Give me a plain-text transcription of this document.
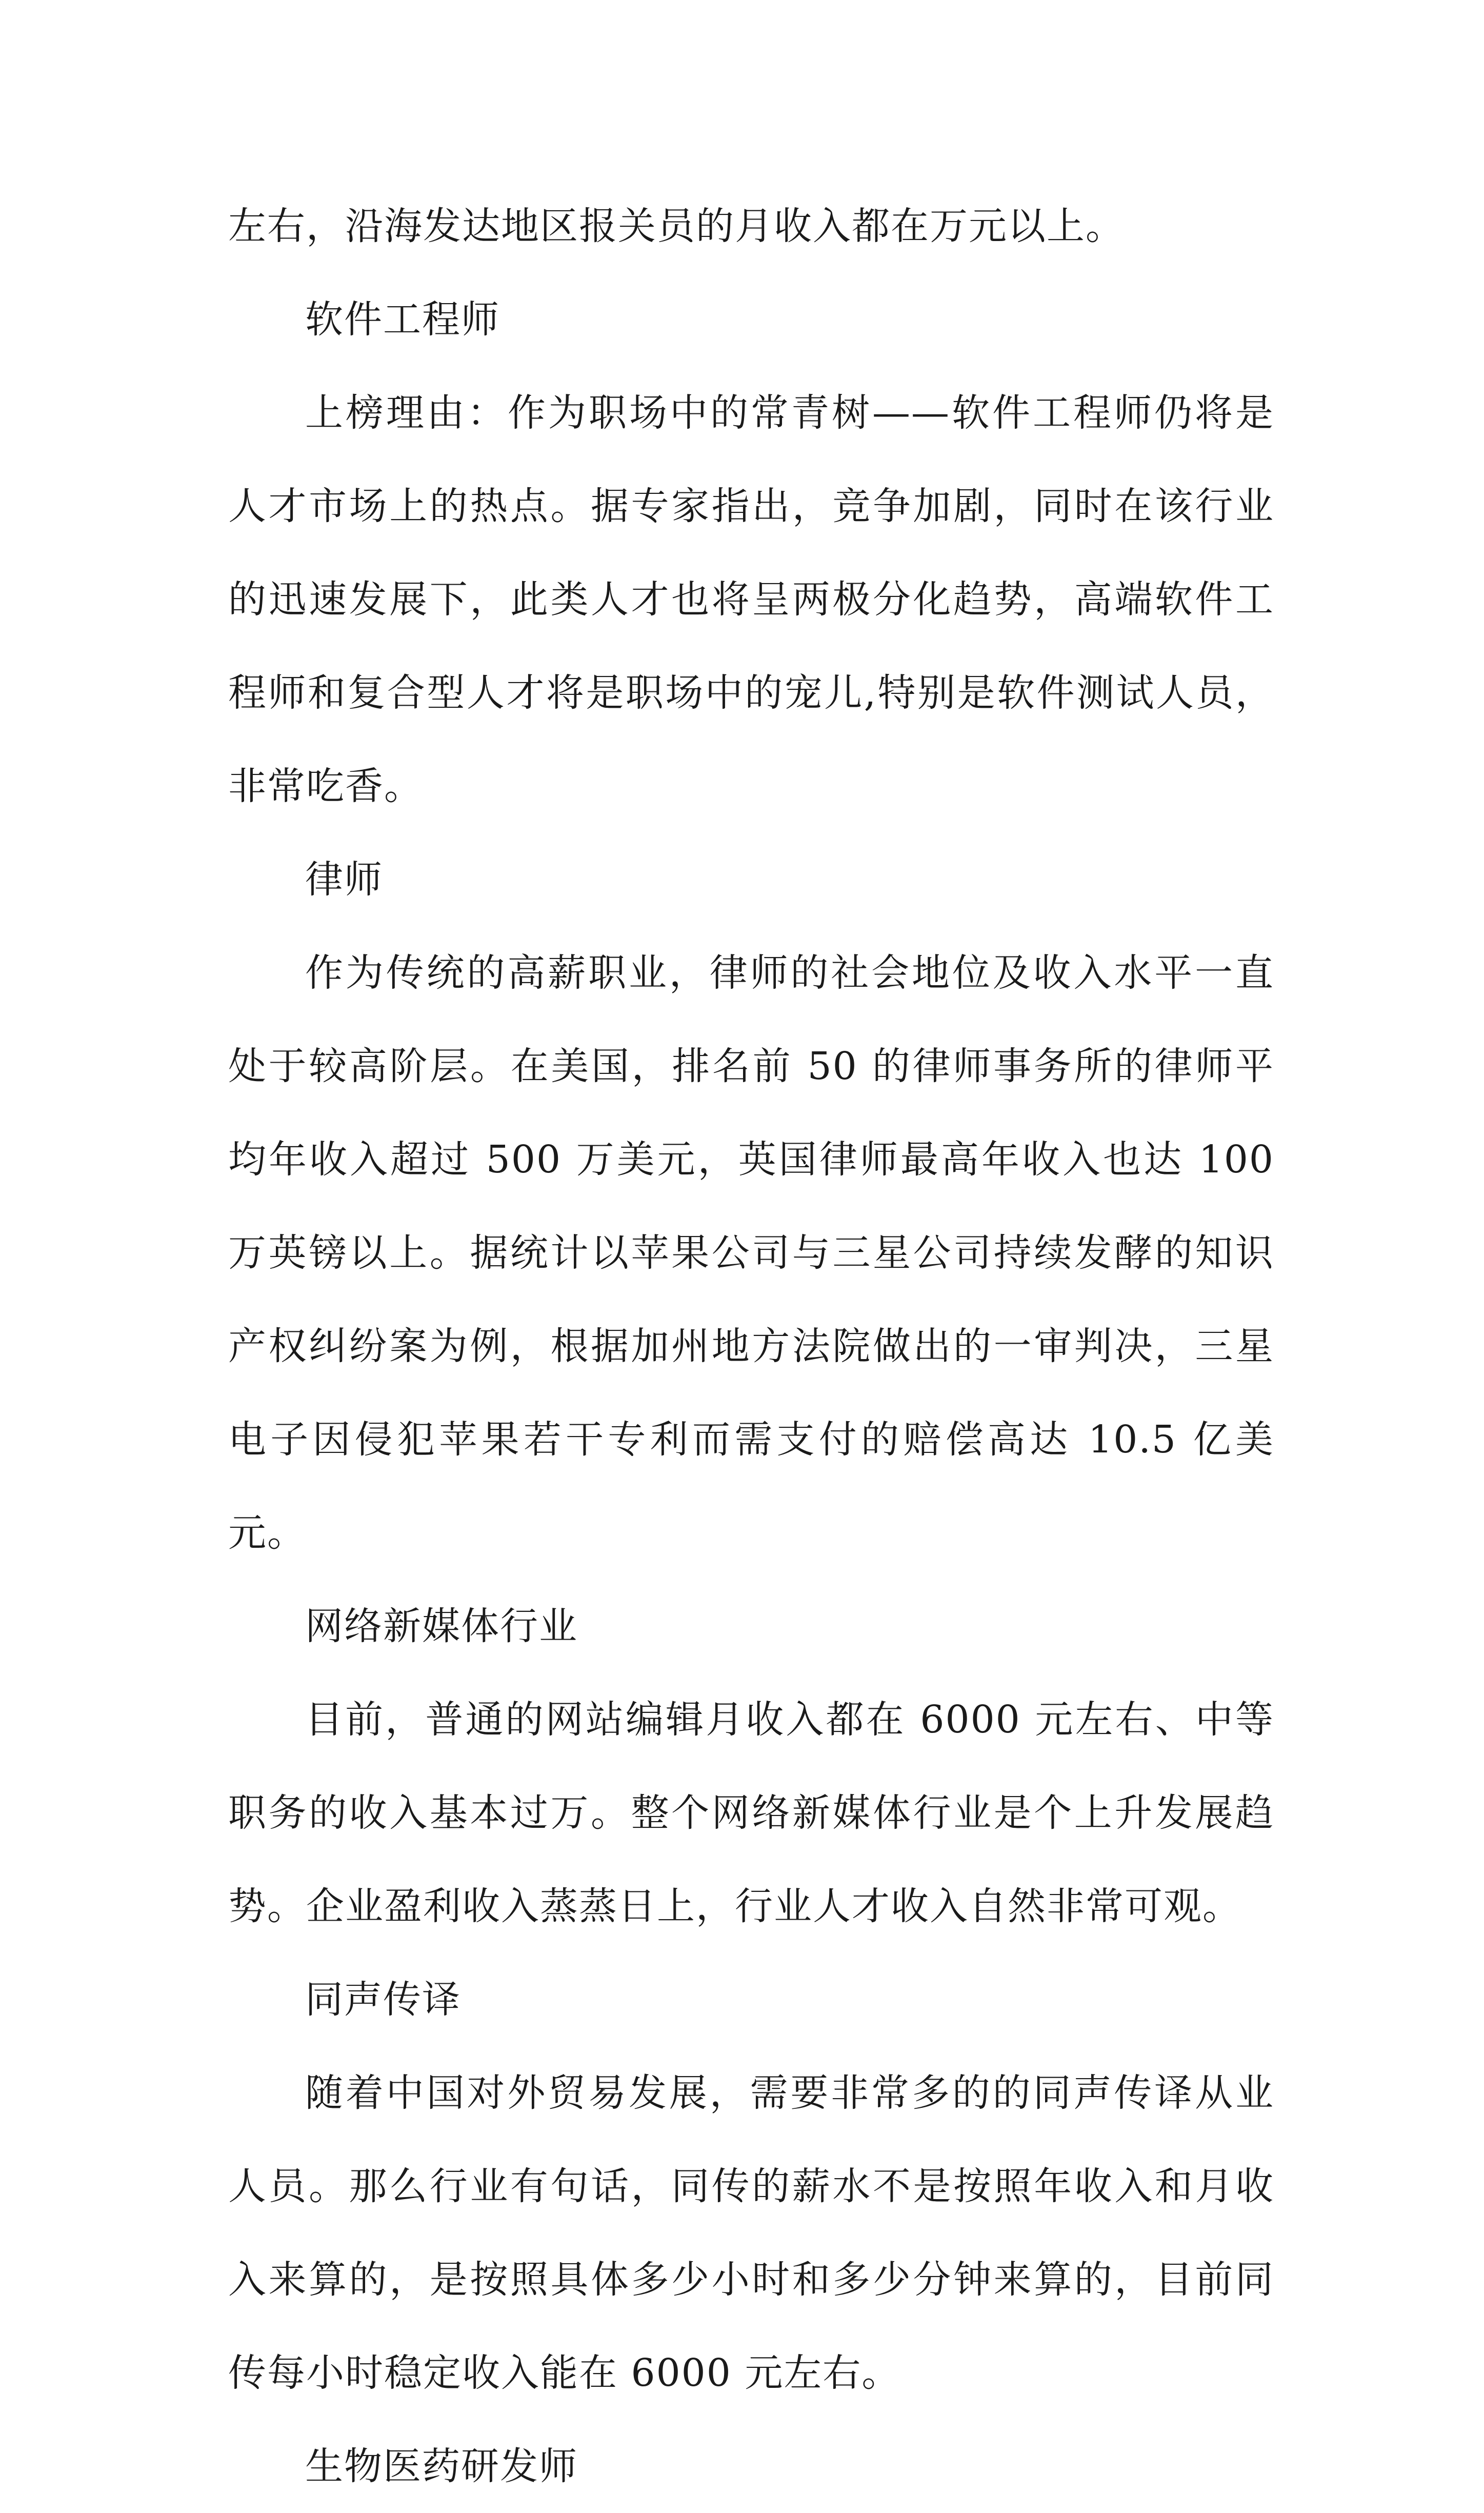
左右，沿海发达地区报关员的月收入都在万元以上。

软件工程师

上榜理由：作为职场中的常青树——软件工程师仍将是人才市场上的热点。据专家指出，竞争加剧，同时在该行业的迅速发展下，此类人才也将呈两极分化趋势，高端软件工程师和复合型人才将是职场中的宠儿,特别是软件测试人员，非常吃香。

律师

作为传统的高薪职业，律师的社会地位及收入水平一直处于较高阶层。在美国，排名前 50 的律师事务所的律师平均年收入超过 500 万美元，英国律师最高年收入也达 100 万英镑以上。据统计以苹果公司与三星公司持续发酵的知识产权纠纷案为例，根据加州地方法院做出的一审判决，三星电子因侵犯苹果若干专利而需支付的赔偿高达 10.5 亿美元。

网络新媒体行业

目前，普通的网站编辑月收入都在 6000 元左右、中等职务的收入基本过万。整个网络新媒体行业是个上升发展趋势。企业盈利收入蒸蒸日上，行业人才收入自然非常可观。

同声传译

随着中国对外贸易发展，需要非常多的的同声传译从业人员。那么行业有句话，同传的薪水不是按照年收入和月收入来算的，是按照具体多少小时和多少分钟来算的，目前同传每小时稳定收入能在 6000 元左右。

生物医药研发师
